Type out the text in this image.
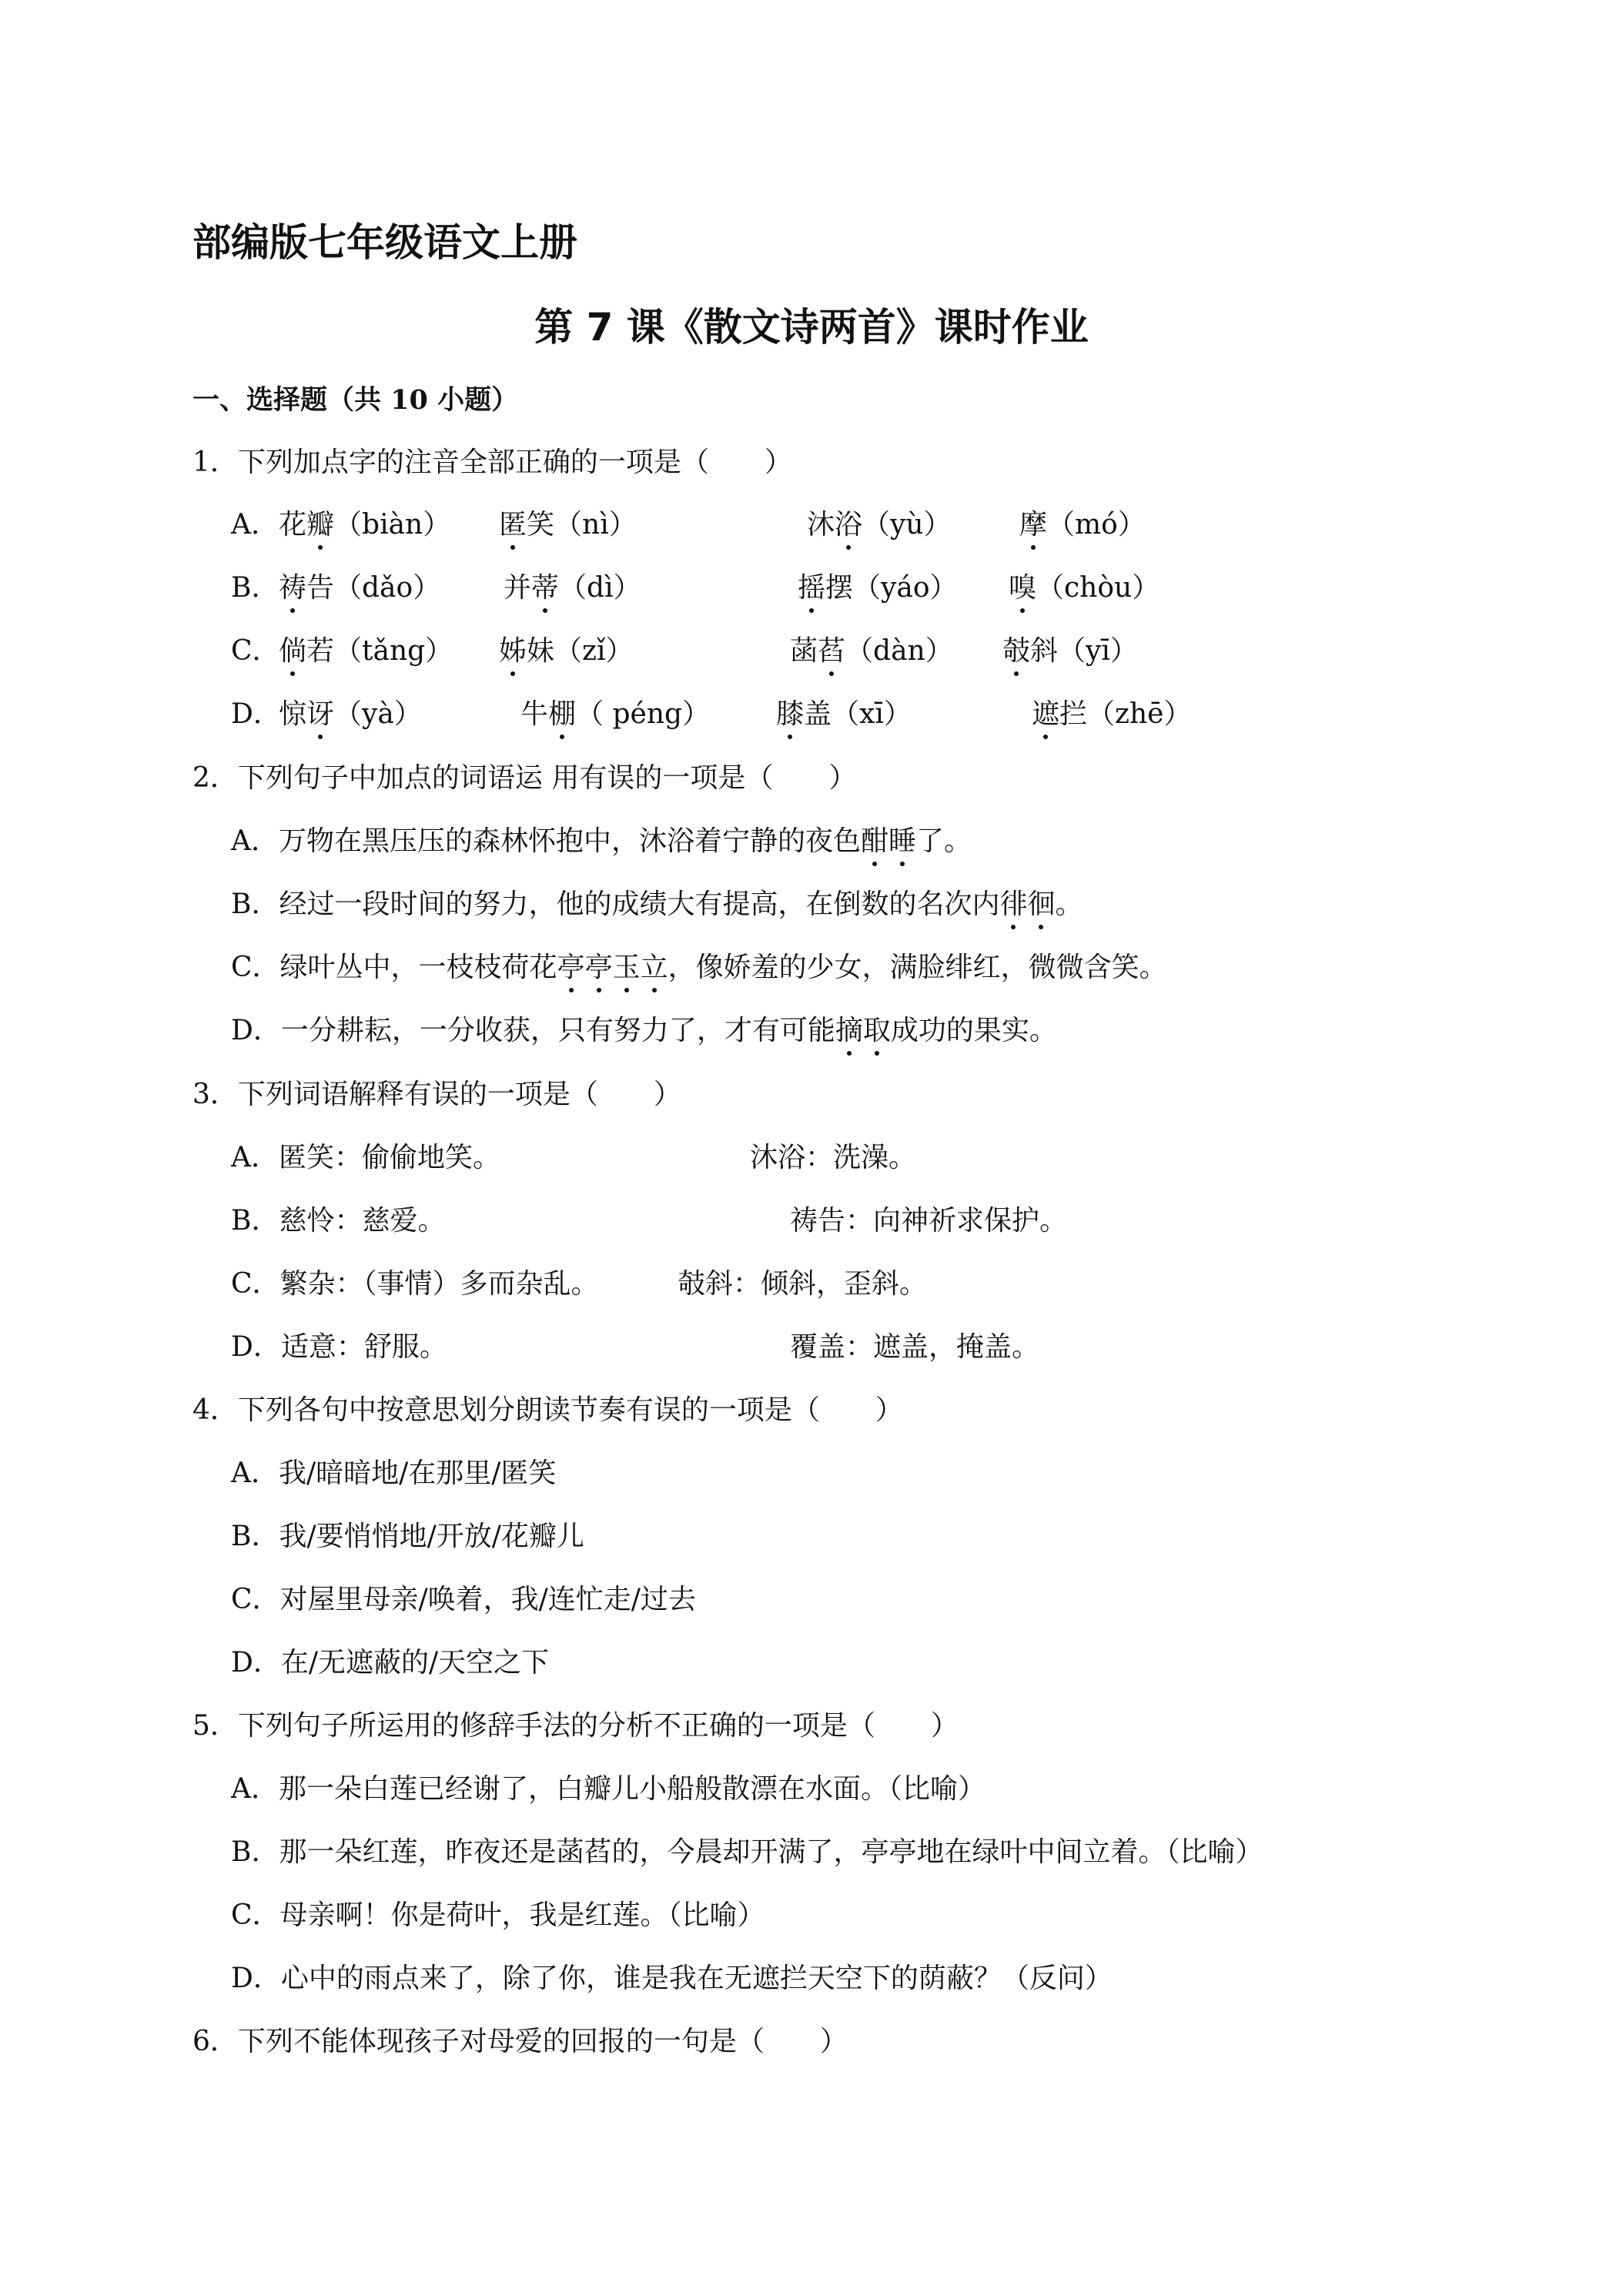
部编版七年级语文上册
第 7 课《散文诗两首》课时作业
一、选择题（共 10 小题）
1．下列加点字的注音全部正确的一项是（　　）
A． 花瓣（biàn） 匿笑（nì）	沐浴（yù） 摩（mó）
B． 祷告（dǎo） 并蒂（dì）	摇摆（yáo） 嗅（chòu）
C．
倘若（tǎng） 姊妹（zǐ）	菡萏（dàn） 攲斜（yī）
D．
惊讶（yà）	牛棚（ péng） 膝盖（xī）	遮拦（zhē）
2．下列句子中加点的词语运 用有误的一项是（　　）
A．万物在黑压压的森林怀抱中，沐浴着宁静的夜色酣睡了。
B．经过一段时间的努力，他的成绩大有提高，在倒数的名次内徘徊。
C．绿叶丛中，一枝枝荷花亭亭玉立，像娇羞的少女，满脸绯红，微微含笑。
D．一分耕耘，一分收获，只有努力了，才有可能摘取成功的果实。
3．下列词语解释有误的一项是（　　）
A．匿笑：偷偷地笑。	沐浴：洗澡。
B．慈怜：慈爱。	祷告：向神祈求保护。
C．繁杂：（事情）多而杂乱。	攲斜：倾斜，歪斜。
D．适意：舒服。	覆盖：遮盖，掩盖。
4．下列各句中按意思划分朗读节奏有误的一项是（　　）
A．我/暗暗地/在那里/匿笑
B．我/要悄悄地/开放/花瓣儿
C．对屋里母亲/唤着，我/连忙走/过去
D．在/无遮蔽的/天空之下
5．下列句子所运用的修辞手法的分析不正确的一项是（　　）
A．那一朵白莲已经谢了，白瓣儿小船般散漂在水面。（比喻）
B．那一朵红莲，昨夜还是菡萏的，今晨却开满了，亭亭地在绿叶中间立着。（比喻）
C．母亲啊！你是荷叶，我是红莲。（比喻）
D．心中的雨点来了，除了你，谁是我在无遮拦天空下的荫蔽？（反问）
6．下列不能体现孩子对母爱的回报的一句是（　　）
